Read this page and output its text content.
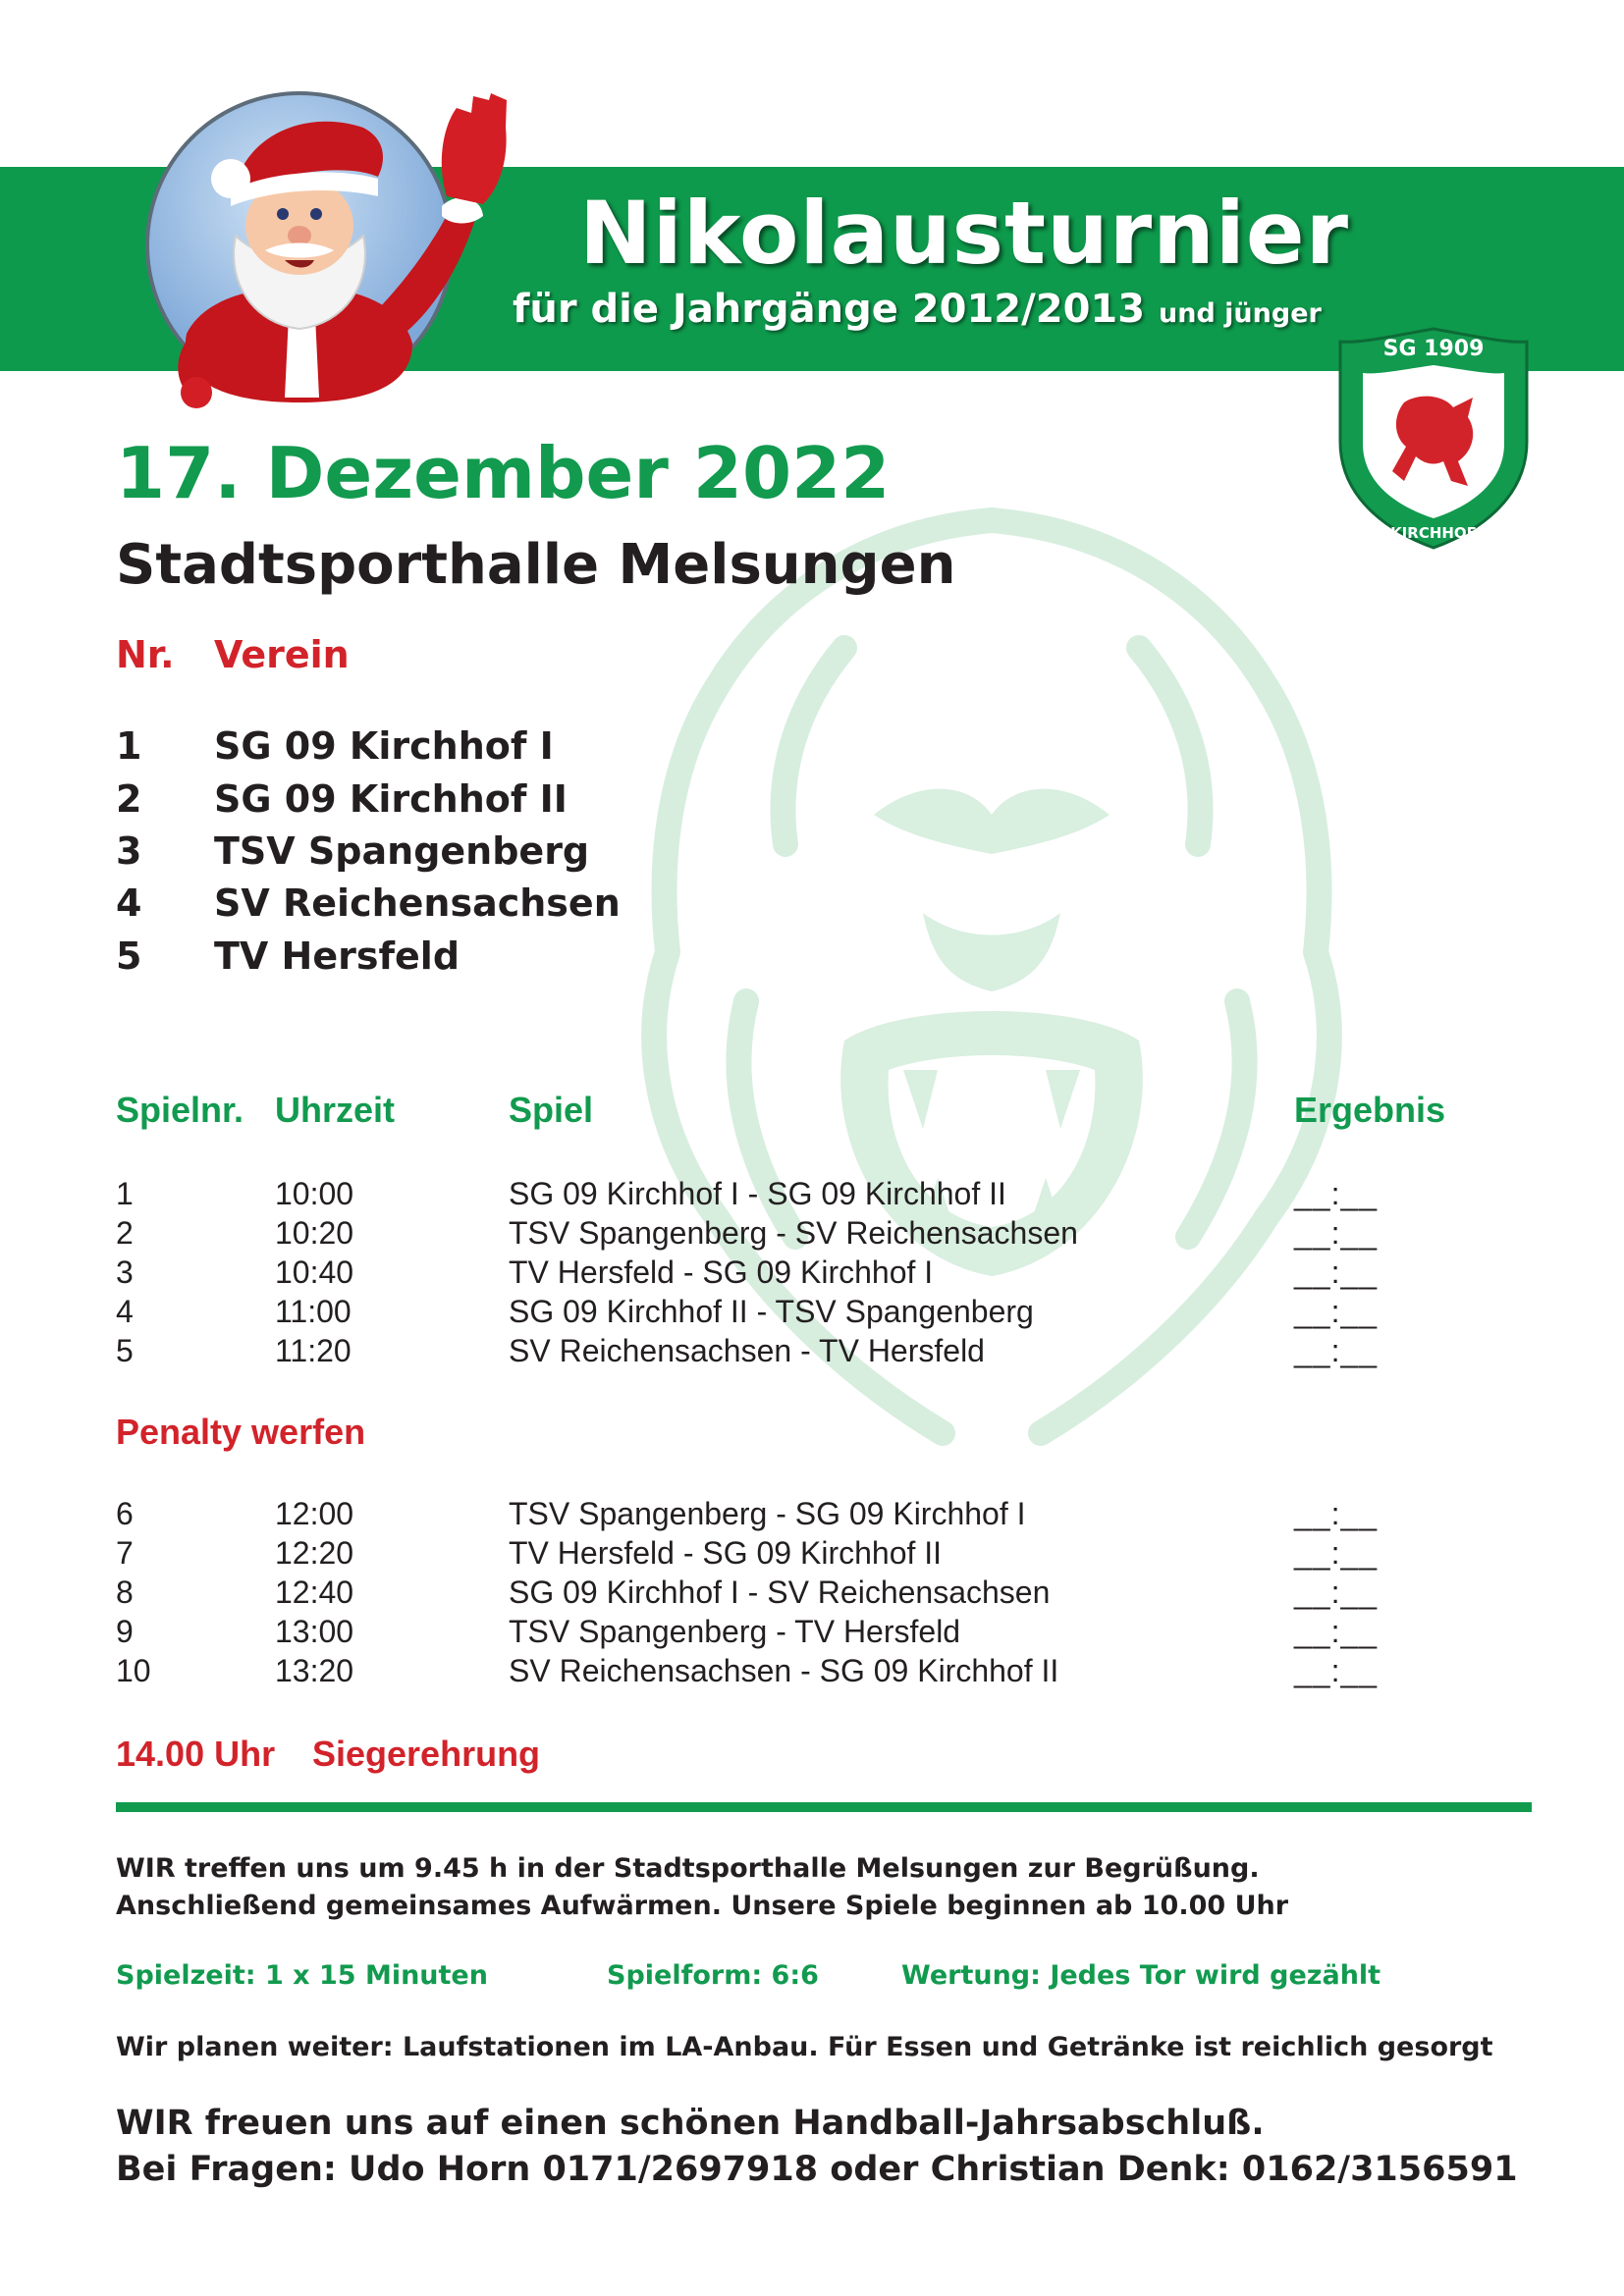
Nikolausturnier
für die Jahrgänge 2012/2013 und jünger
SG 1909
KIRCHHOF
17. Dezember 2022
Stadtsporthalle Melsungen
Nr. Verein
1 SG 09 Kirchhof I
2 SG 09 Kirchhof II
3 TSV Spangenberg
4 SV Reichensachsen
5 TV Hersfeld
Spielnr. Uhrzeit	Spiel	Ergebnis
1	10:00	SG 09 Kirchhof I - SG 09 Kirchhof II	__:__
2	10:20	TSV Spangenberg - SV Reichensachsen	__:__
3	10:40	TV Hersfeld - SG 09 Kirchhof I	__:__
4	11:00	SG 09 Kirchhof II - TSV Spangenberg	__:__
5	11:20	SV Reichensachsen - TV Hersfeld	__:__
Penalty werfen
6	12:00	TSV Spangenberg - SG 09 Kirchhof I	__:__
7	12:20	TV Hersfeld - SG 09 Kirchhof II	__:__
8	12:40	SG 09 Kirchhof I - SV Reichensachsen	__:__
9	13:00	TSV Spangenberg - TV Hersfeld	__:__
10	13:20	SV Reichensachsen - SG 09 Kirchhof II	__:__
14.00 Uhr Siegerehrung
WIR treffen uns um 9.45 h in der Stadtsporthalle Melsungen zur Begrüßung.
Anschließend gemeinsames Aufwärmen. Unsere Spiele beginnen ab 10.00 Uhr
Spielzeit: 1 x 15 Minuten	Spielform: 6:6	Wertung: Jedes Tor wird gezählt
Wir planen weiter: Laufstationen im LA-Anbau. Für Essen und Getränke ist reichlich gesorgt
WIR freuen uns auf einen schönen Handball-Jahrsabschluß.
Bei Fragen: Udo Horn 0171/2697918 oder Christian Denk: 0162/3156591
